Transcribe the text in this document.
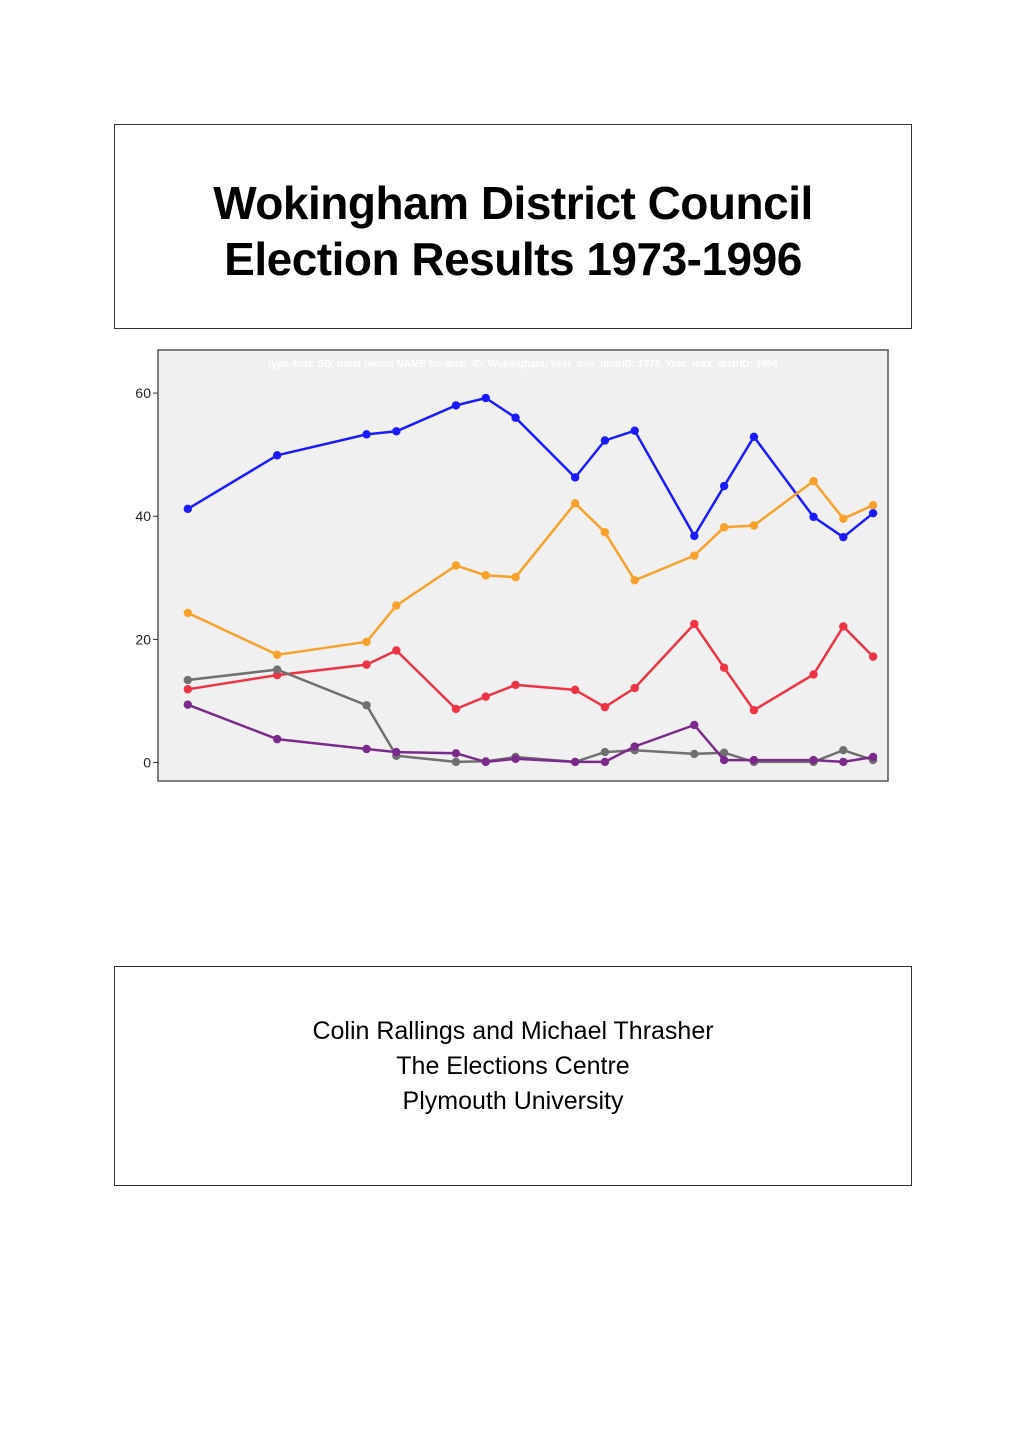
Wokingham District Council
Election Results 1973-1996
type 4cat: SD, most recent NAME for distr_ID: Wokingham, Year_min_distrID: 1973, Year_max_distrID: 1996
0
20
40
60
Colin Rallings and Michael Thrasher
The Elections Centre
Plymouth University
